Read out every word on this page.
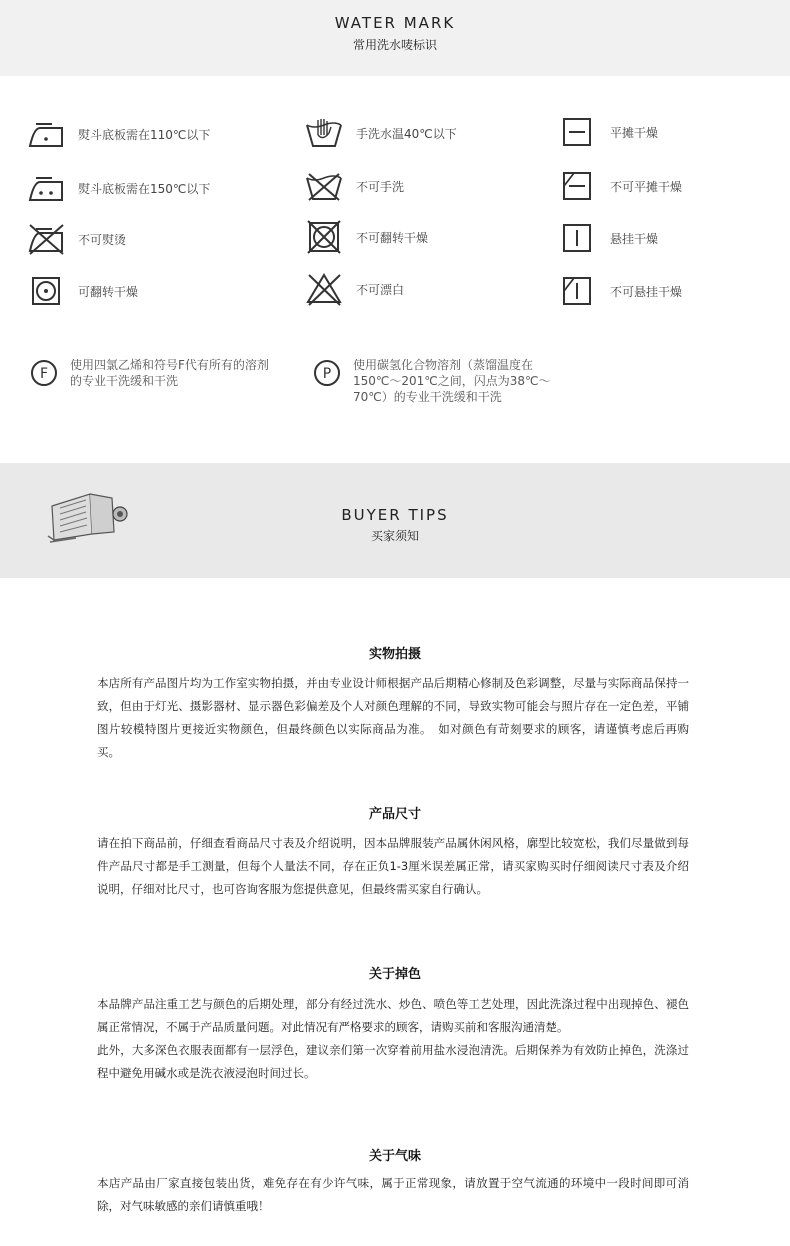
WATER MARK
常用洗水唛标识
熨斗底板需在110℃以下	手洗水温40℃以下	平摊干燥
熨斗底板需在150℃以下	不可手洗	不可平摊干燥
不可熨烫	不可翻转干燥	悬挂干燥
可翻转干燥	不可漂白	不可悬挂干燥
F
使用四氯乙烯和符号F代有所有的溶剂的专业干洗缓和干洗	P
使用碳氢化合物溶剂（蒸馏温度在150℃～201℃之间，闪点为38℃～70℃）的专业干洗缓和干洗
BUYER TIPS
买家须知
实物拍摄
本店所有产品图片均为工作室实物拍摄，并由专业设计师根据产品后期精心修制及色彩调整，尽量与实际商品保持一致，但由于灯光、摄影器材、显示器色彩偏差及个人对颜色理解的不同，导致实物可能会与照片存在一定色差，平铺图片较模特图片更接近实物颜色，但最终颜色以实际商品为准。　如对颜色有苛刻要求的顾客，请谨慎考虑后再购买。
产品尺寸
请在拍下商品前，仔细查看商品尺寸表及介绍说明，因本品牌服装产品属休闲风格，廓型比较宽松，我们尽量做到每件产品尺寸都是手工测量，但每个人量法不同，存在正负1-3厘米误差属正常，请买家购买时仔细阅读尺寸表及介绍说明，仔细对比尺寸，也可咨询客服为您提供意见，但最终需买家自行确认。
关于掉色
本品牌产品注重工艺与颜色的后期处理，部分有经过洗水、炒色、喷色等工艺处理，因此洗涤过程中出现掉色、褪色属正常情况，不属于产品质量问题。对此情况有严格要求的顾客，请购买前和客服沟通清楚。
此外，大多深色衣服表面都有一层浮色，建议亲们第一次穿着前用盐水浸泡清洗。后期保养为有效防止掉色，洗涤过程中避免用碱水或是洗衣液浸泡时间过长。
关于气味
本店产品由厂家直接包装出货，难免存在有少许气味，属于正常现象，请放置于空气流通的环境中一段时间即可消除，对气味敏感的亲们请慎重哦！
